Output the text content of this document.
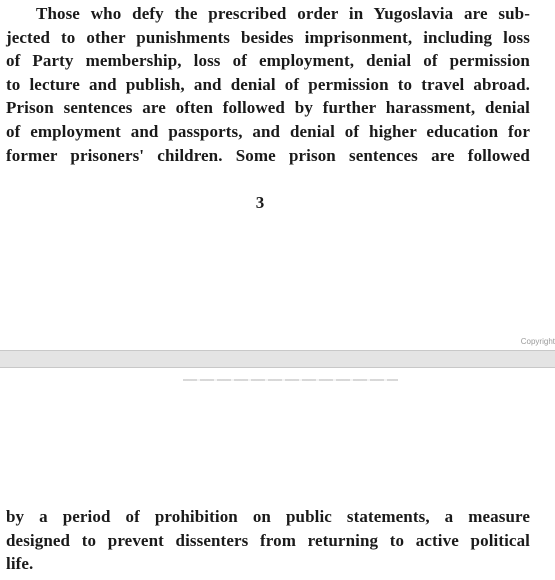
Those who defy the prescribed order in Yugoslavia are sub-
jected to other punishments besides imprisonment, including loss
of Party membership, loss of employment, denial of permission
to lecture and publish, and denial of permission to travel abroad.
Prison sentences are often followed by further harassment, denial
of employment and passports, and denial of higher education for
former prisoners' children. Some prison sentences are followed

3

Copyright

by a period of prohibition on public statements, a measure
designed to prevent dissenters from returning to active political
life.
